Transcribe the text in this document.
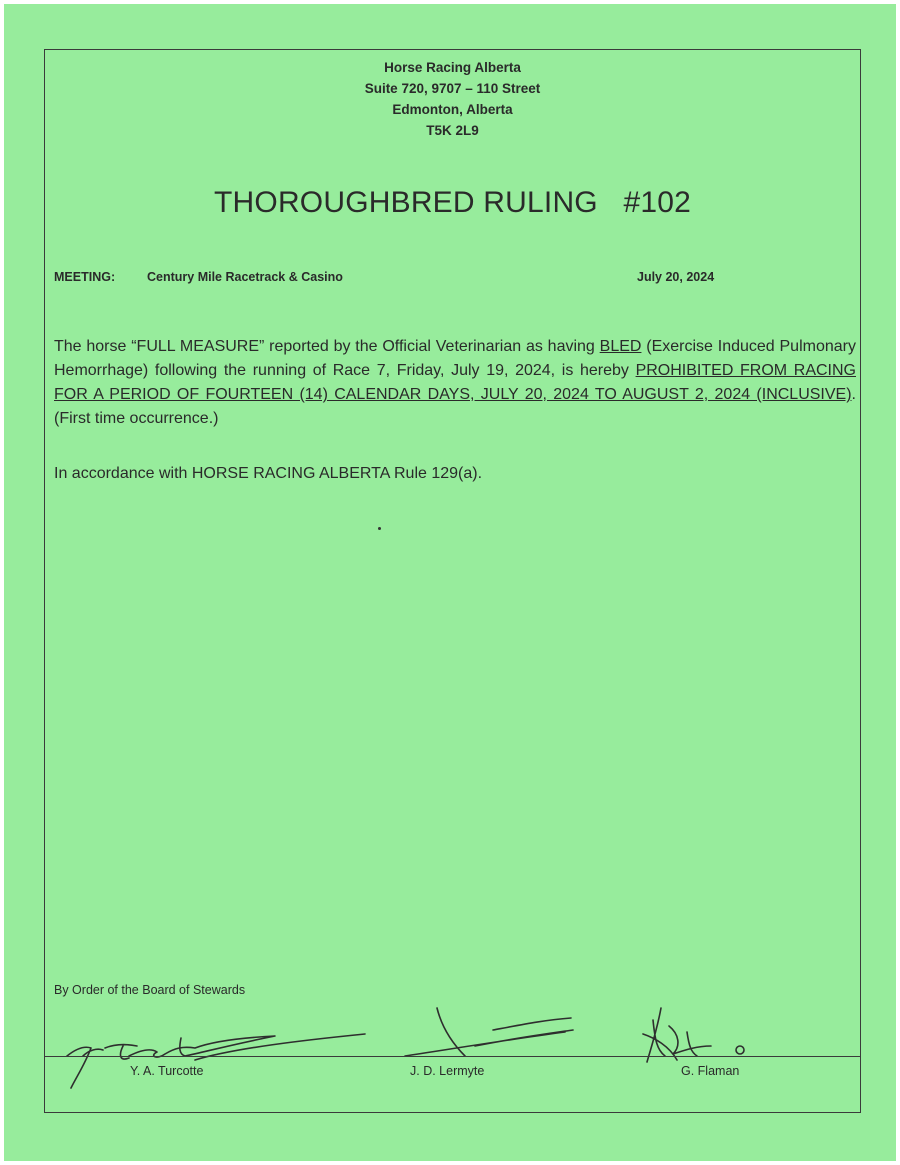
Horse Racing Alberta
Suite 720, 9707 – 110 Street
Edmonton, Alberta
T5K 2L9
THOROUGHBRED RULING   #102
MEETING:	Century Mile Racetrack & Casino	July 20, 2024
The horse “FULL MEASURE” reported by the Official Veterinarian as having BLED (Exercise Induced Pulmonary Hemorrhage) following the running of Race 7, Friday, July 19, 2024, is hereby PROHIBITED FROM RACING FOR A PERIOD OF FOURTEEN (14) CALENDAR DAYS, JULY 20, 2024 TO AUGUST 2, 2024 (INCLUSIVE). (First time occurrence.)
In accordance with HORSE RACING ALBERTA Rule 129(a).
By Order of the Board of Stewards
Y. A. Turcotte	J. D. Lermyte	G. Flaman
